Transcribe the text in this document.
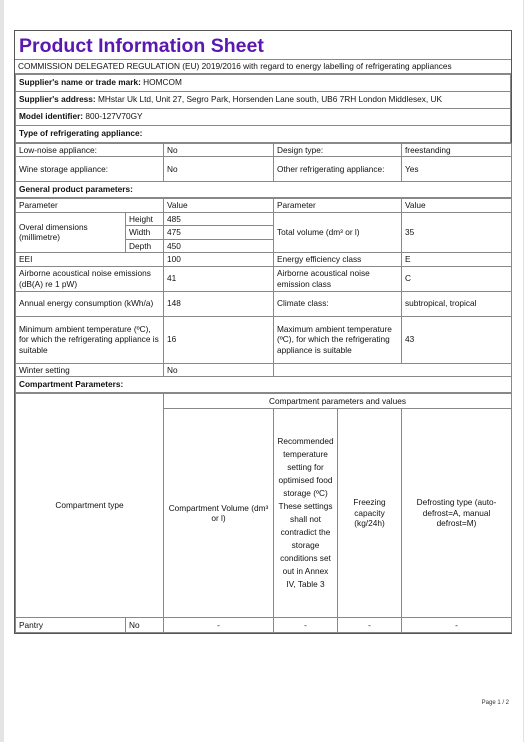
Product Information Sheet
COMMISSION DELEGATED REGULATION (EU) 2019/2016 with regard to energy labelling of refrigerating appliances
Supplier's name or trade mark: HOMCOM
Supplier's address: MHstar Uk Ltd, Unit 27, Segro Park, Horsenden Lane south, UB6 7RH London Middlesex, UK
Model identifier: 800-127V70GY
Type of refrigerating appliance:
Low-noise appliance:	No	Design type:	freestanding
Wine storage appliance:	No	Other refrigerating appliance:	Yes
General product parameters:			
Parameter		Value	Parameter	Value
Overal dimensions (millimetre)	Height	485	Total volume (dm³ or l)	35
	Width	475		
	Depth	450		
EEI		100	Energy efficiency class	E
Airborne acoustical noise emissions (dB(A) re 1 pW)		41	Airborne acoustical noise emission class	C
Annual energy consumption (kWh/a)		148	Climate class:	subtropical, tropical
Minimum ambient temperature (ºC), for which the refrigerating appliance is suitable		16	Maximum ambient temperature (ºC), for which the refrigerating appliance is suitable	43
Winter setting		No		
Compartment Parameters:				
Compartment type		Compartment parameters and values			
		Compartment Volume (dm³ or l)	Recommended temperature setting for optimised food storage (ºC) These settings shall not contradict the storage conditions set out in Annex IV, Table 3	Freezing capacity (kg/24h)	Defrosting type (auto-defrost=A, manual defrost=M)
Pantry	No	-	-	-	-
Page 1 / 2
